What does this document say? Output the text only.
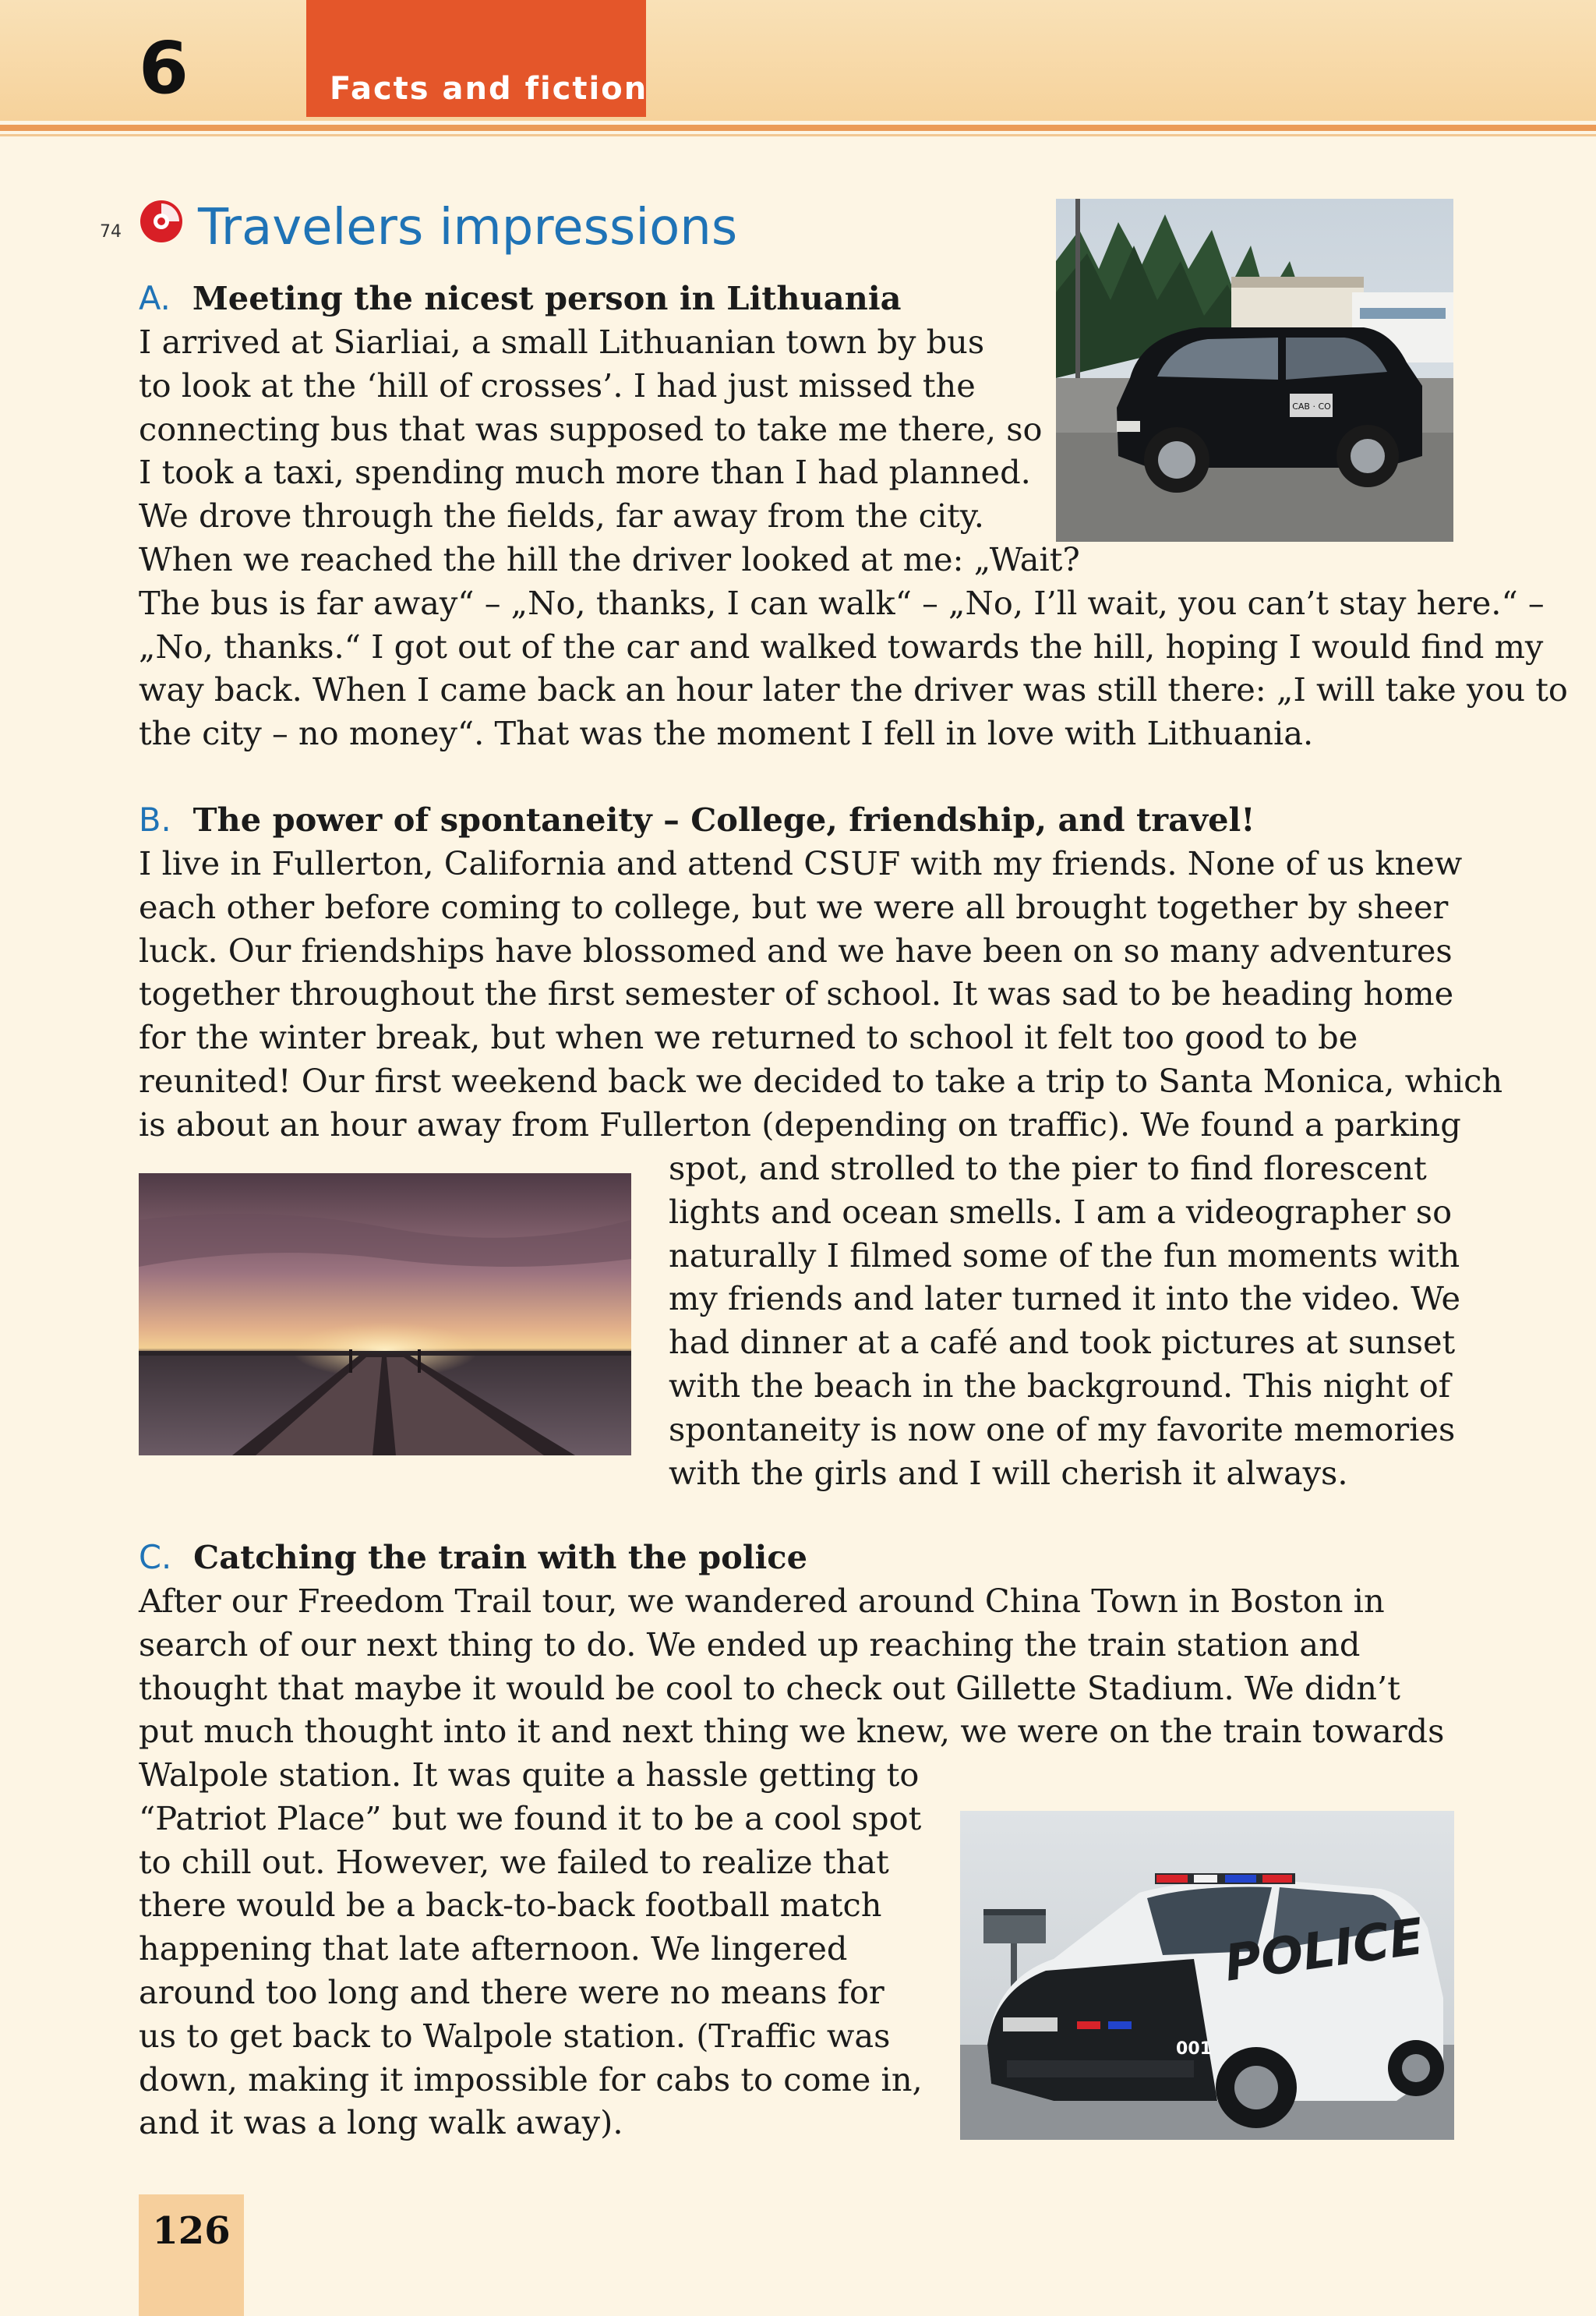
6	Facts and fiction
74 Travelers impressions
CAB · CO

A. Meeting the nicest person in Lithuania

I arrived at Siarliai, a small Lithuanian town by bus
to look at the ‘hill of crosses’. I had just missed the
connecting bus that was supposed to take me there, so
I took a taxi, spending much more than I had planned.
We drove through the fields, far away from the city.
When we reached the hill the driver looked at me: „Wait?
The bus is far away“ – „No, thanks, I can walk“ – „No, I’ll wait, you can’t stay here.“ –
„No, thanks.“ I got out of the car and walked towards the hill, hoping I would find my
way back. When I came back an hour later the driver was still there: „I will take you to
the city – no money“. That was the moment I fell in love with Lithuania.

B. The power of spontaneity – College, friendship, and travel!

I live in Fullerton, California and attend CSUF with my friends. None of us knew
each other before coming to college, but we were all brought together by sheer
luck. Our friendships have blossomed and we have been on so many adventures
together throughout the first semester of school. It was sad to be heading home
for the winter break, but when we returned to school it felt too good to be
reunited! Our first weekend back we decided to take a trip to Santa Monica, which
is about an hour away from Fullerton (depending on traffic). We found a parking

spot, and strolled to the pier to find florescent
lights and ocean smells. I am a videographer so
naturally I filmed some of the fun moments with
my friends and later turned it into the video. We
had dinner at a café and took pictures at sunset
with the beach in the background. This night of
spontaneity is now one of my favorite memories
with the girls and I will cherish it always.

C. Catching the train with the police

After our Freedom Trail tour, we wandered around China Town in Boston in
search of our next thing to do. We ended up reaching the train station and
thought that maybe it would be cool to check out Gillette Stadium. We didn’t
put much thought into it and next thing we knew, we were on the train towards

Walpole station. It was quite a hassle getting to
“Patriot Place” but we found it to be a cool spot
to chill out. However, we failed to realize that
there would be a back-to-back football match
happening that late afternoon. We lingered
around too long and there were no means for
us to get back to Walpole station. (Traffic was
down, making it impossible for cabs to come in,
and it was a long walk away).

POLICE
001
126
